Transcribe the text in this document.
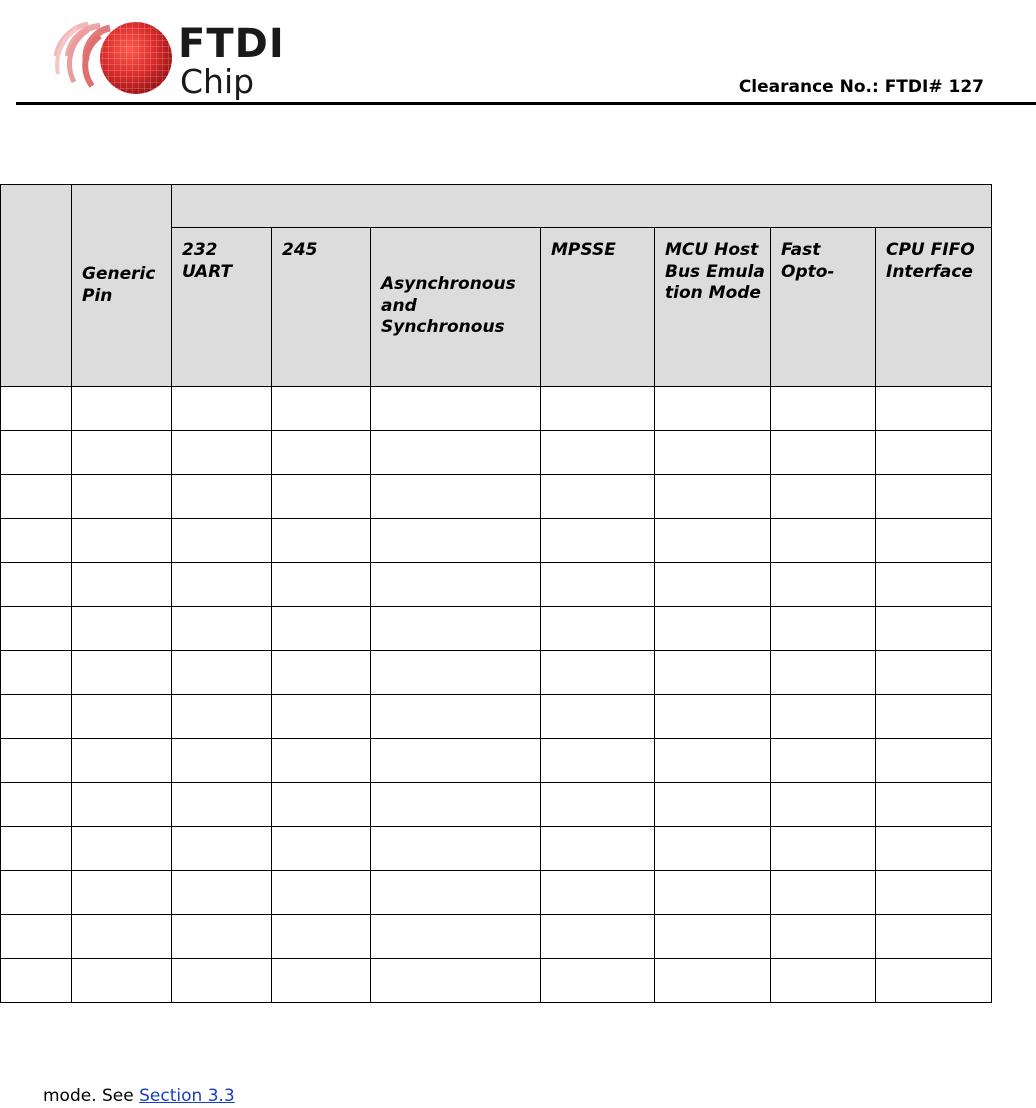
FTDI
Chip	Clearance No.: FTDI# 127

	Generic Pin							

		232 UART	245	Asynchronous and Synchronous	MPSSE	MCU Host Bus Emulation Mode	Fast Opto-	CPU FIFO Interface

mode. See Section 3.3
